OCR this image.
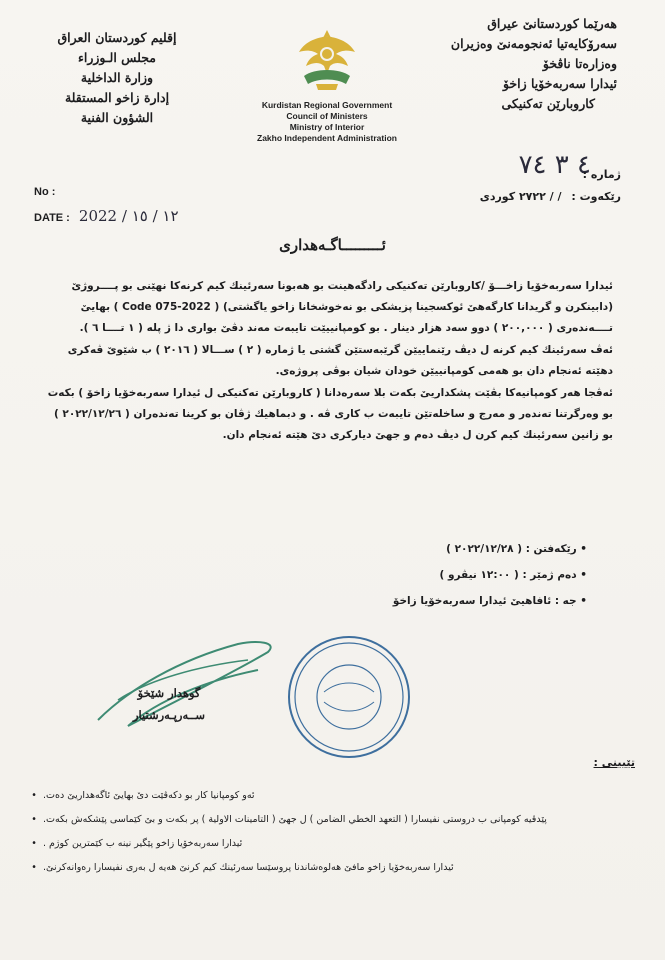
هەرێما كوردستانێ عیراق
سەرۆكایەتیا ئەنجومەنێ وەزیران
وەزارەتا ناڤخۆ
ئیدارا سەربەخۆیا زاخۆ
كاروبارێن تەكنیكی
Kurdistan Regional Government
Council of Ministers
Ministry of Interior
Zakho Independent Administration
إقليم كوردستان العراق
مجلس الـوزراء
وزارة الداخلية
إدارة زاخو المستقلة
الشؤون الفنية
٤ ٣ ٧٤
ژمارە :
رێكەوت : / / ٢٧٢٢ كوردی
No :
DATE : 2022 / ١٢ / ١٥
ئـــــــــاگـەهداری

ئیدارا سەربەخۆیا زاخـــۆ /كاروبارێن تەكنیكی رادگەهینت بو هەبونا سەرئینك كیم كرنەكا نهێنی بو پــــروژێ (دابینكرن و گریدانا كارگەهێ ئوكسجینا پزیشكی بو نەخوشخانا زاخو یاگشتی) ( Code 075-2022 ) بهایێ تــــەندەری ( ٢٠٠,٠٠٠ ) دوو سەد هزار دینار . بو كومپانییێت تایبەت مەند دڤێ بواری دا ژ پلە ( ١ تــــا ٦ ).

ئەڤ سەرئینك كیم كرنە ل دیڤ رێنماییێن گرێبەستێن گشتی یا ژمارە ( ٢ ) ســـالا ( ٢٠١٦ ) ب شێوێ ڤەكری دهێتە ئەنجام دان بو هەمی كومپانییێن خودان شیان بوڤی پروژەی.

ئەڤجا هەر كومپانیەكا بڤێت پشكداریێ بكەت بلا سەرەدانا ( كاروبارێن تەكنیكی ل ئیدارا سەربەخۆیا زاخۆ ) بكەت بو وەرگرتنا تەندەر و مەرج و ساخلەتێن تایبەت ب كاری ڤە . و دبماهیك ژڤان بو كرینا تەندەران ( ٢٠٢٢/١٢/٢٦ ) بو زانین سەرئینك كیم كرن ل دیڤ دەم و جهێ دیاركری دێ هێتە ئەنجام دان.

• رێكەفتن : ( ٢٠٢٢/١٢/٢٨ )
• دەم ژمێر : ( ١٢:٠٠ نیڤرو )
• جە : ئافاهیێ ئیدارا سەربەخۆیا زاخۆ
گوهدار شێخۆ
ســەرپـەرشتیار
تێبینی :
• ئەو كومپانیا كار بو دكەڤێت دێ بهایێ ئاگەهداریێ دەت.
• پێدڤیە كومپانی ب دروستی نفیسارا ( التعهد الخطي الضامن ) ل جهێ ( التامينات الاولية ) پر بكەت و بێ كێماسی پێشكەش بكەت.
• ئیدارا سەربەخۆیا زاخو پێگیر نینە ب كێمترین كوژم .
• ئیدارا سەربەخۆیا زاخو مافێ هەلوەشاندنا پروسێسا سەرئینك كیم كرنێ هەیە ل بەری نفیسارا رەوانەكرنێ.
